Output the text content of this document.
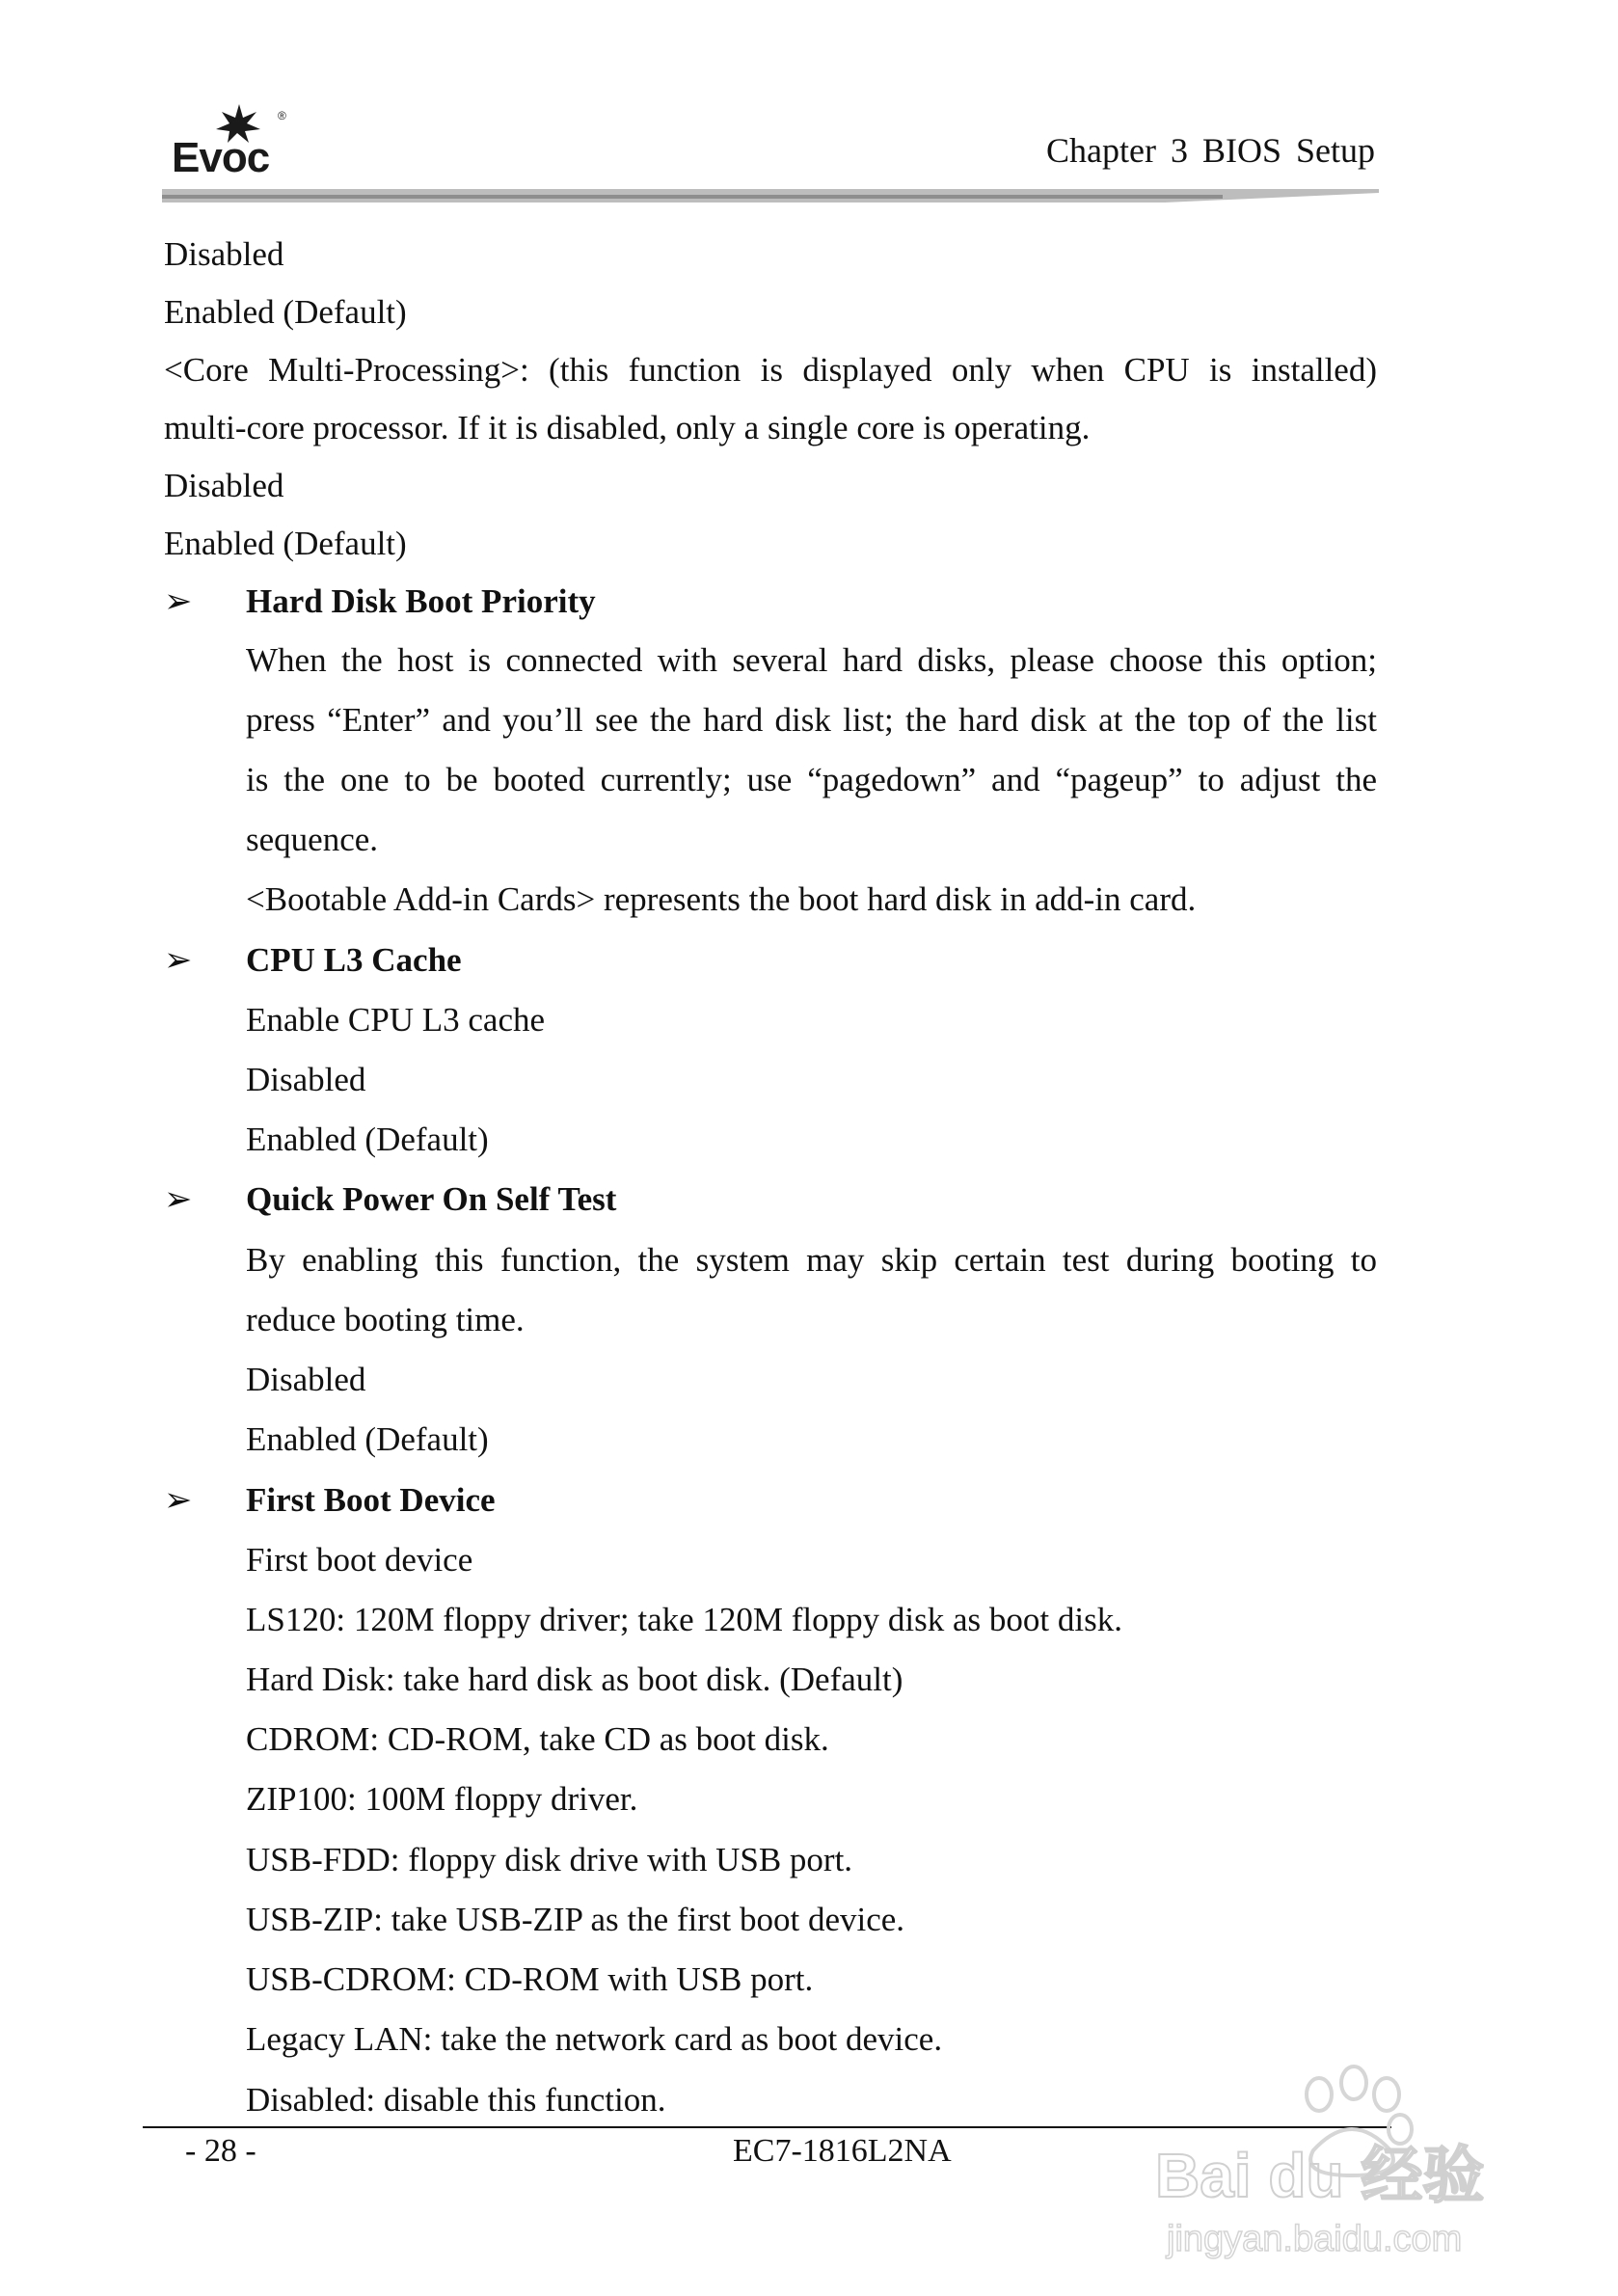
Evoc
®
Chapter 3 BIOS Setup

Disabled

Enabled (Default)

<Core Multi-Processing>: (this function is displayed only when CPU is installed)

multi-core processor. If it is disabled, only a single core is operating.

Disabled

Enabled (Default)

➢ Hard Disk Boot Priority

When the host is connected with several hard disks, please choose this option;

press “Enter” and you’ll see the hard disk list; the hard disk at the top of the list

is the one to be booted currently; use “pagedown” and “pageup” to adjust the

sequence.

<Bootable Add-in Cards> represents the boot hard disk in add-in card.

➢ CPU L3 Cache

Enable CPU L3 cache

Disabled

Enabled (Default)

➢ Quick Power On Self Test

By enabling this function, the system may skip certain test during booting to

reduce booting time.

Disabled

Enabled (Default)

➢ First Boot Device

First boot device

LS120: 120M floppy driver; take 120M floppy disk as boot disk.

Hard Disk: take hard disk as boot disk. (Default)

CDROM: CD-ROM, take CD as boot disk.

ZIP100: 100M floppy driver.

USB-FDD: floppy disk drive with USB port.

USB-ZIP: take USB-ZIP as the first boot device.

USB-CDROM: CD-ROM with USB port.

Legacy LAN: take the network card as boot device.

Disabled: disable this function.

- 28 -	EC7-1816L2NA	Bai du 经验
jingyan.baidu.com
